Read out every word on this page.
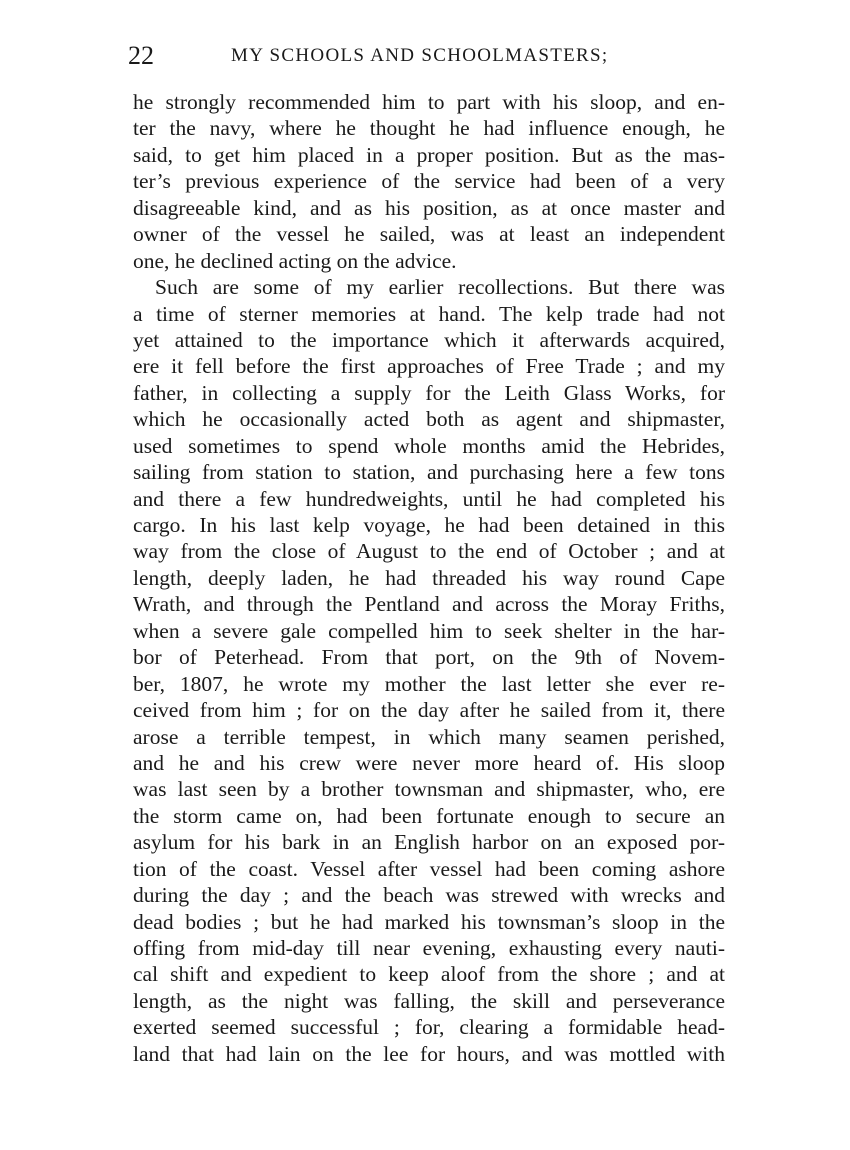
22	MY SCHOOLS AND SCHOOLMASTERS;
he strongly recommended him to part with his sloop, and en-
ter the navy, where he thought he had influence enough, he
said, to get him placed in a proper position. But as the mas-
ter’s previous experience of the service had been of a very
disagreeable kind, and as his position, as at once master and
owner of the vessel he sailed, was at least an independent
one, he declined acting on the advice.
Such are some of my earlier recollections. But there was
a time of sterner memories at hand. The kelp trade had not
yet attained to the importance which it afterwards acquired,
ere it fell before the first approaches of Free Trade ; and my
father, in collecting a supply for the Leith Glass Works, for
which he occasionally acted both as agent and shipmaster,
used sometimes to spend whole months amid the Hebrides,
sailing from station to station, and purchasing here a few tons
and there a few hundredweights, until he had completed his
cargo. In his last kelp voyage, he had been detained in this
way from the close of August to the end of October ; and at
length, deeply laden, he had threaded his way round Cape
Wrath, and through the Pentland and across the Moray Friths,
when a severe gale compelled him to seek shelter in the har-
bor of Peterhead. From that port, on the 9th of Novem-
ber, 1807, he wrote my mother the last letter she ever re-
ceived from him ; for on the day after he sailed from it, there
arose a terrible tempest, in which many seamen perished,
and he and his crew were never more heard of. His sloop
was last seen by a brother townsman and shipmaster, who, ere
the storm came on, had been fortunate enough to secure an
asylum for his bark in an English harbor on an exposed por-
tion of the coast. Vessel after vessel had been coming ashore
during the day ; and the beach was strewed with wrecks and
dead bodies ; but he had marked his townsman’s sloop in the
offing from mid-day till near evening, exhausting every nauti-
cal shift and expedient to keep aloof from the shore ; and at
length, as the night was falling, the skill and perseverance
exerted seemed successful ; for, clearing a formidable head-
land that had lain on the lee for hours, and was mottled with
